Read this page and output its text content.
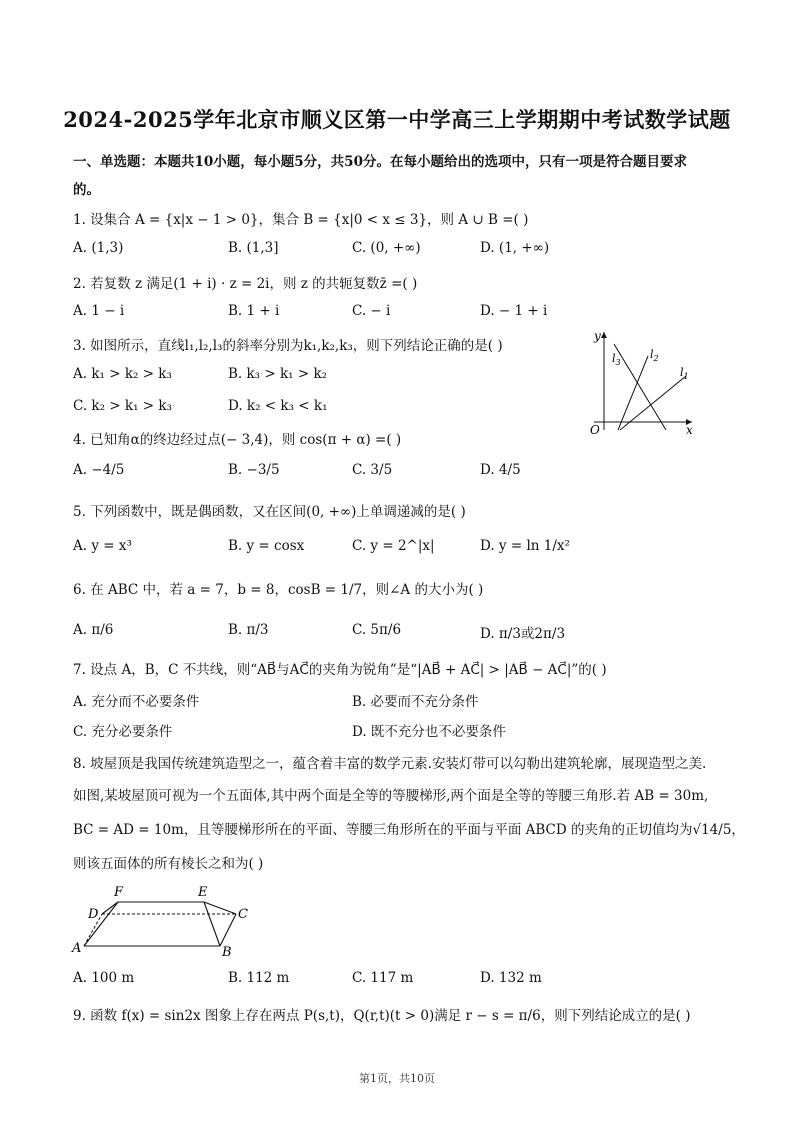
2024-2025学年北京市顺义区第一中学高三上学期期中考试数学试题
一、单选题：本题共10小题，每小题5分，共50分。在每小题给出的选项中，只有一项是符合题目要求
的。
1. 设集合 A = {x|x − 1 > 0}，集合 B = {x|0 < x ≤ 3}，则 A ∪ B =( )
A. (1,3)	B. (1,3]	C. (0, +∞)	D. (1, +∞)
2. 若复数 z 满足(1 + i) · z = 2i，则 z 的共轭复数z̄ =( )
A. 1 − i	B. 1 + i	C. − i	D. − 1 + i
3. 如图所示，直线l₁,l₂,l₃的斜率分别为k₁,k₂,k₃，则下列结论正确的是( )
A. k₁ > k₂ > k₃	B. k₃ > k₁ > k₂
C. k₂ > k₁ > k₃	D. k₂ < k₃ < k₁
y
x
O
$l_3$
$l_2$
$l_1$
4. 已知角α的终边经过点(− 3,4)，则 cos(π + α) =( )
A. −4/5	B. −3/5	C. 3/5	D. 4/5
5. 下列函数中，既是偶函数，又在区间(0, +∞)上单调递减的是( )
A. y = x³	B. y = cosx	C. y = 2^|x|	D. y = ln 1/x²
6. 在 ABC 中，若 a = 7，b = 8，cosB = 1/7，则∠A 的大小为( )
A. π/6	B. π/3	C. 5π/6	D. π/3或2π/3
7. 设点 A，B，C 不共线，则“AB⃗与AC⃗的夹角为锐角”是“|AB⃗ + AC⃗| > |AB⃗ − AC⃗|”的( )
A. 充分而不必要条件	B. 必要而不充分条件
C. 充分必要条件	D. 既不充分也不必要条件
8. 坡屋顶是我国传统建筑造型之一，蕴含着丰富的数学元素.安装灯带可以勾勒出建筑轮廓，展现造型之美.
如图,某坡屋顶可视为一个五面体,其中两个面是全等的等腰梯形,两个面是全等的等腰三角形.若 AB = 30m,
BC = AD = 10m，且等腰梯形所在的平面、等腰三角形所在的平面与平面 ABCD 的夹角的正切值均为√14/5，
则该五面体的所有棱长之和为( )
A	B
C
D
E
F
A. 100 m	B. 112 m	C. 117 m	D. 132 m
9. 函数 f(x) = sin2x 图象上存在两点 P(s,t)，Q(r,t)(t > 0)满足 r − s = π/6，则下列结论成立的是( )
第1页，共10页
